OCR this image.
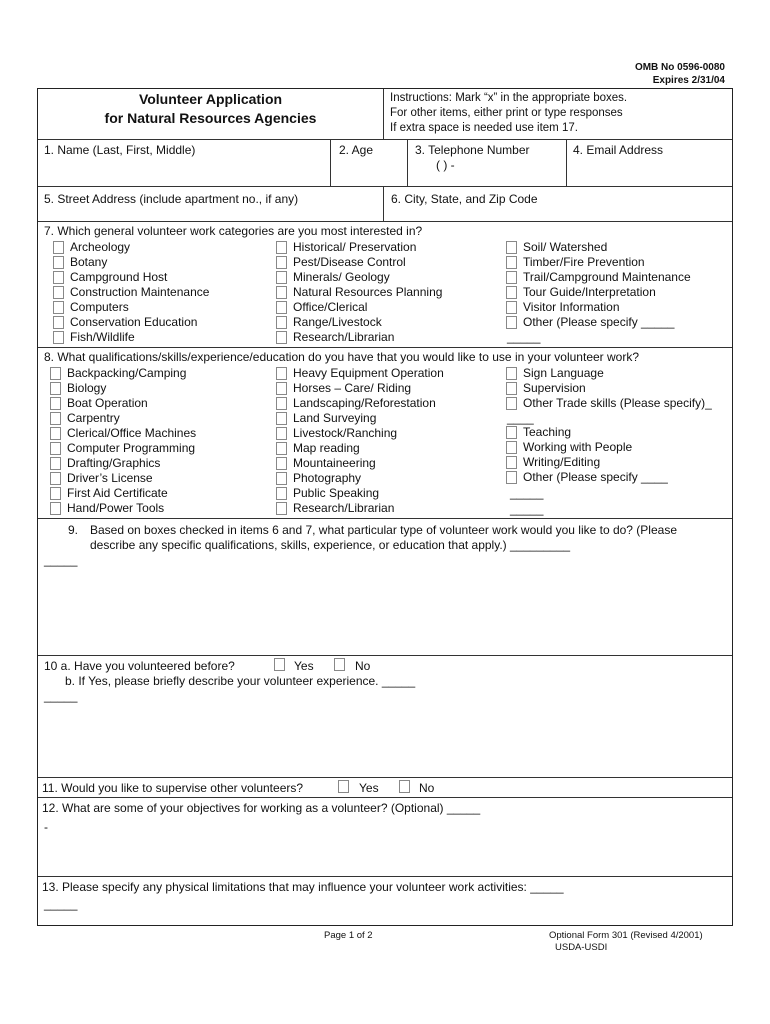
OMB No 0596-0080
Expires 2/31/04
Volunteer Application
for Natural Resources Agencies
Instructions: Mark “x” in the appropriate boxes.
For other items, either print or type responses
If extra space is needed use item 17.
1. Name (Last, First, Middle)	2. Age	3. Telephone Number
( ) -
4. Email Address
5. Street Address (include apartment no., if any)	6. City, State, and Zip Code
7. Which general volunteer work categories are you most interested in?
Archeology
Botany
Campground Host
Construction Maintenance
Computers
Conservation Education
Fish/Wildlife
Historical/ Preservation
Pest/Disease Control
Minerals/ Geology
Natural Resources Planning
Office/Clerical
Range/Livestock
Research/Librarian
Soil/ Watershed
Timber/Fire Prevention
Trail/Campground Maintenance
Tour Guide/Interpretation
Visitor Information
Other (Please specify _____
_____
8. What qualifications/skills/experience/education do you have that you would like to use in your volunteer work?
Backpacking/Camping
Biology
Boat Operation
Carpentry
Clerical/Office Machines
Computer Programming
Drafting/Graphics
Driver’s License
First Aid Certificate
Hand/Power Tools
Heavy Equipment Operation
Horses – Care/ Riding
Landscaping/Reforestation
Land Surveying
Livestock/Ranching
Map reading
Mountaineering
Photography
Public Speaking
Research/Librarian
Sign Language
Supervision
Other Trade skills (Please specify)_
____
Teaching
Working with People
Writing/Editing
Other (Please specify ____
_____
_____
9. Based on boxes checked in items 6 and 7, what particular type of volunteer work would you like to do? (Please
describe any specific qualifications, skills, experience, or education that apply.) _________
_____
10 a. Have you volunteered before?	Yes	No
b. If Yes, please briefly describe your volunteer experience. _____
_____
11. Would you like to supervise other volunteers?	Yes	No
12. What are some of your objectives for working as a volunteer? (Optional) _____
-
13. Please specify any physical limitations that may influence your volunteer work activities: _____
_____
Page 1 of 2	Optional Form 301 (Revised 4/2001)
USDA-USDI
